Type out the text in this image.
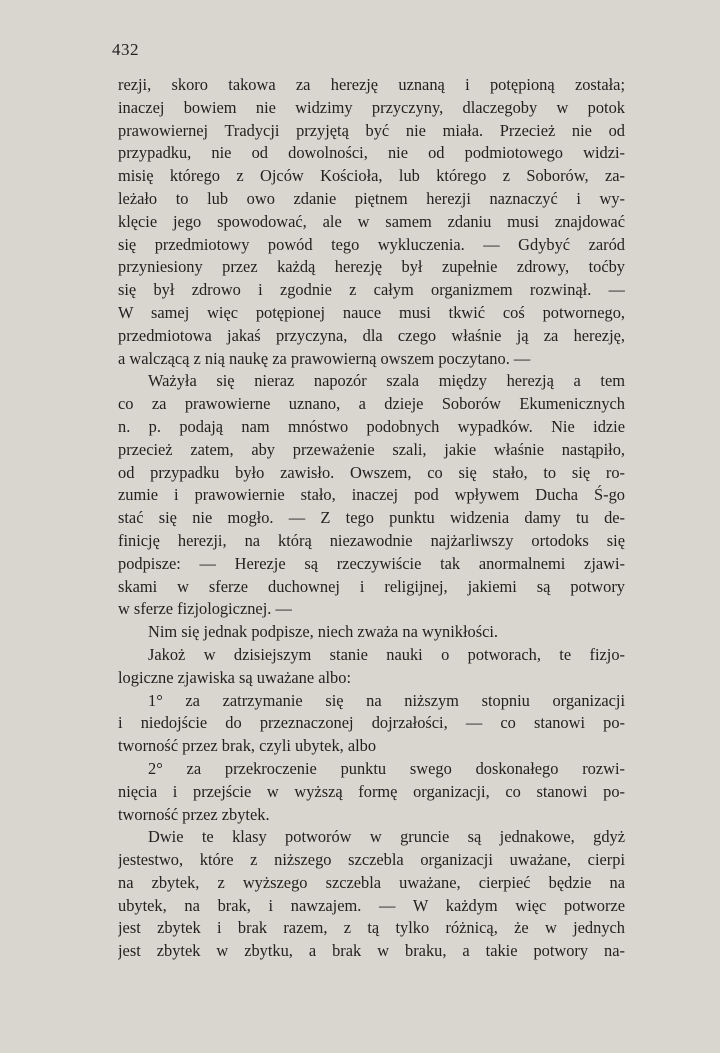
432
rezji, skoro takowa za herezję uznaną i potępioną została;
inaczej bowiem nie widzimy przyczyny, dlaczegoby w potok
prawowiernej Tradycji przyjętą być nie miała. Przecież nie od
przypadku, nie od dowolności, nie od podmiotowego widzi-
misię którego z Ojców Kościoła, lub którego z Soborów, za-
leżało to lub owo zdanie piętnem herezji naznaczyć i wy-
klęcie jego spowodować, ale w samem zdaniu musi znajdować
się przedmiotowy powód tego wykluczenia. — Gdybyć zaród
przyniesiony przez każdą herezję był zupełnie zdrowy, toćby
się był zdrowo i zgodnie z całym organizmem rozwinął. —
W samej więc potępionej nauce musi tkwić coś potwornego,
przedmiotowa jakaś przyczyna, dla czego właśnie ją za herezję,
a walczącą z nią naukę za prawowierną owszem poczytano. —
Ważyła się nieraz napozór szala między herezją a tem
co za prawowierne uznano, a dzieje Soborów Ekumenicznych
n. p. podają nam mnóstwo podobnych wypadków. Nie idzie
przecież zatem, aby przeważenie szali, jakie właśnie nastąpiło,
od przypadku było zawisło. Owszem, co się stało, to się ro-
zumie i prawowiernie stało, inaczej pod wpływem Ducha Ś-go
stać się nie mogło. — Z tego punktu widzenia damy tu de-
finicję herezji, na którą niezawodnie najżarliwszy ortodoks się
podpisze: — Herezje są rzeczywiście tak anormalnemi zjawi-
skami w sferze duchownej i religijnej, jakiemi są potwory
w sferze fizjologicznej. —
Nim się jednak podpisze, niech zważa na wynikłości.
Jakoż w dzisiejszym stanie nauki o potworach, te fizjo-
logiczne zjawiska są uważane albo:
1° za zatrzymanie się na niższym stopniu organizacji
i niedojście do przeznaczonej dojrzałości, — co stanowi po-
tworność przez brak, czyli ubytek, albo
2° za przekroczenie punktu swego doskonałego rozwi-
nięcia i przejście w wyższą formę organizacji, co stanowi po-
tworność przez zbytek.
Dwie te klasy potworów w gruncie są jednakowe, gdyż
jestestwo, które z niższego szczebla organizacji uważane, cierpi
na zbytek, z wyższego szczebla uważane, cierpieć będzie na
ubytek, na brak, i nawzajem. — W każdym więc potworze
jest zbytek i brak razem, z tą tylko różnicą, że w jednych
jest zbytek w zbytku, a brak w braku, a takie potwory na-
